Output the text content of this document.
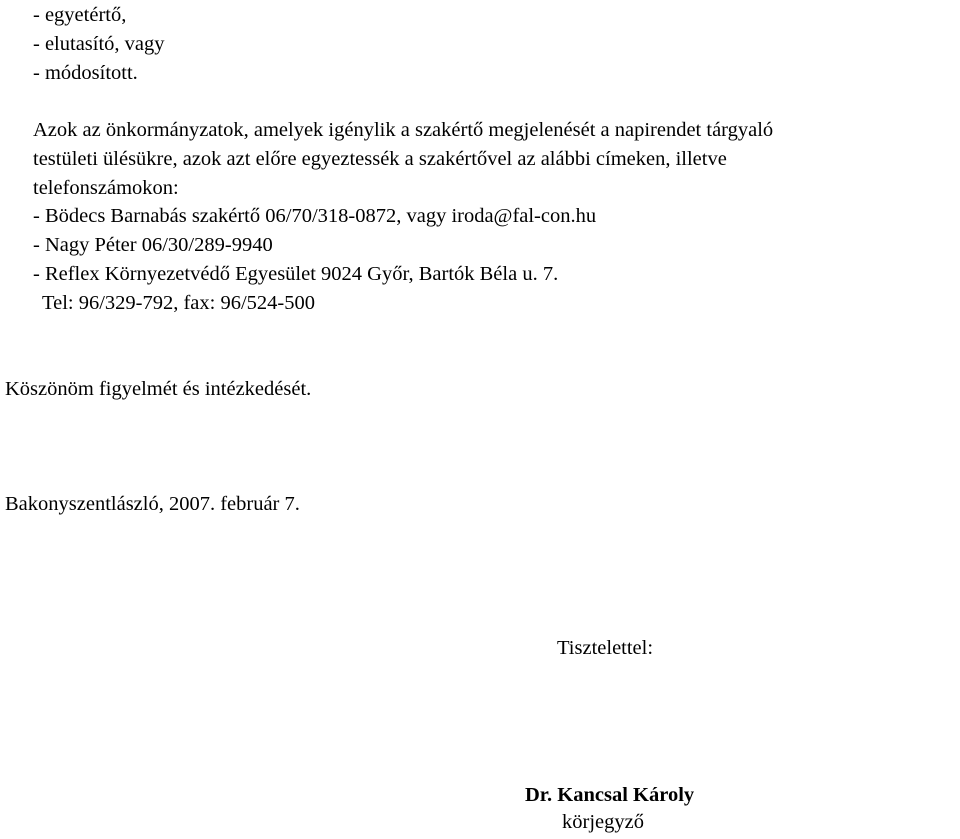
- egyetértő,
- elutasító, vagy
- módosított.
Azok az önkormányzatok, amelyek igénylik a szakértő megjelenését a napirendet tárgyaló
testületi ülésükre, azok azt előre egyeztessék a szakértővel az alábbi címeken, illetve
telefonszámokon:
- Bödecs Barnabás szakértő 06/70/318-0872, vagy iroda@fal-con.hu
- Nagy Péter 06/30/289-9940
- Reflex Környezetvédő Egyesület 9024 Győr, Bartók Béla u. 7.
Tel: 96/329-792, fax: 96/524-500
Köszönöm figyelmét és intézkedését.
Bakonyszentlászló, 2007. február 7.
Tisztelettel:
Dr. Kancsal Károly
körjegyző
